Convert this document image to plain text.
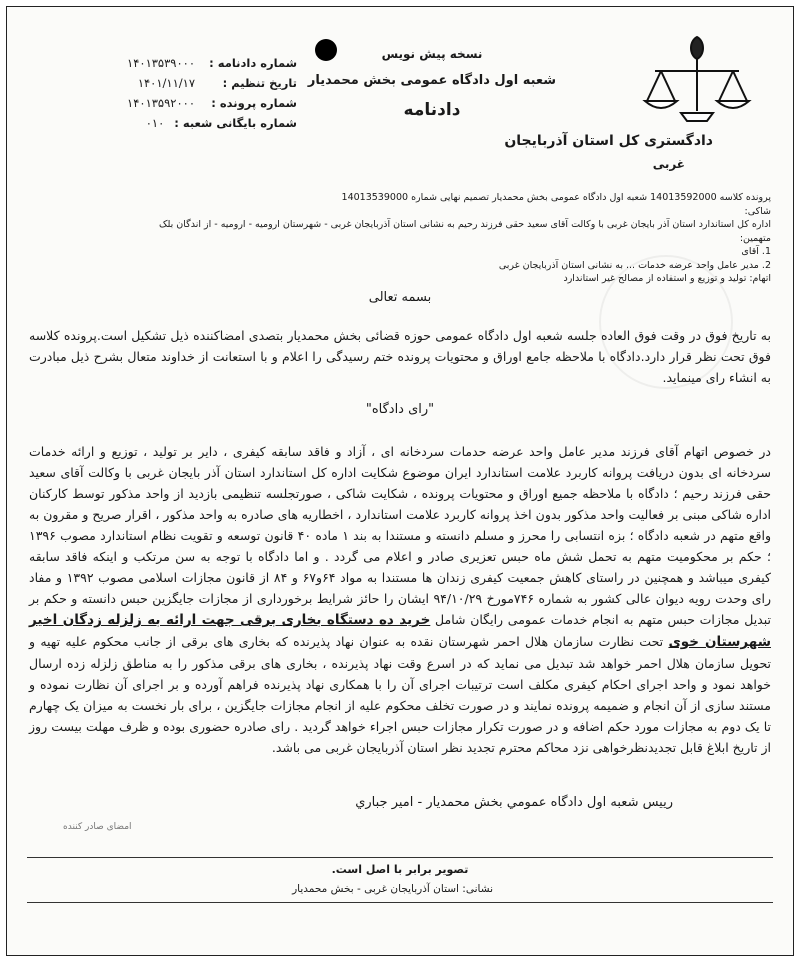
دادگستری کل استان آذربایجان
غربی
نسخه پیش نویس
شعبه اول دادگاه عمومی بخش محمدیار
دادنامه
شماره دادنامه :
۱۴۰۱۳۵۳۹۰۰۰
تاریخ تنظیم :
۱۴۰۱/۱۱/۱۷
شماره پرونده :
۱۴۰۱۳۵۹۲۰۰۰
شماره بایگانی شعبه :
۰۱۰
پرونده کلاسه 14013592000 شعبه اول دادگاه عمومی بخش محمدیار تصمیم نهایی شماره 14013539000
شاکی:
اداره کل استاندارد استان آذر بایجان غربی با وکالت آقای سعید حقی فرزند رحیم به نشانی استان آذربایجان غربی - شهرستان ارومیه - ارومیه - از اندگان بلک
متهمین:
1. آقای
2. مدیر عامل واحد عرضه خدمات ... به نشانی استان آذربایجان غربی
اتهام: تولید و توزیع و استفاده از مصالح غیر استاندارد
بسمه تعالی
به تاریخ فوق در وقت فوق العاده جلسه شعبه اول دادگاه عمومی حوزه قضائی بخش محمدیار بتصدی امضاکننده ذیل تشکیل است.پرونده کلاسه فوق تحت نظر قرار دارد.دادگاه با ملاحظه جامع اوراق و محتویات پرونده ختم رسیدگی را اعلام و با استعانت از خداوند متعال بشرح ذیل مبادرت به انشاء رای مینماید.
"رای دادگاه"
در خصوص اتهام آقای فرزند مدیر عامل واحد عرضه حدمات سردخانه ای ، آزاد و فاقد سابقه کیفری ، دایر بر تولید ، توزیع و ارائه خدمات سردخانه ای بدون دریافت پروانه کاربرد علامت استاندارد ایران موضوع شکایت اداره کل استاندارد استان آذر بایجان غربی با وکالت آقای سعید حقی فرزند رحیم ؛ دادگاه با ملاحظه جمیع اوراق و محتویات پرونده ، شکایت شاکی ، صورتجلسه تنظیمی بازدید از واحد مذکور توسط کارکنان اداره شاکی مبنی بر فعالیت واحد مذکور بدون اخذ پروانه کاربرد علامت استاندارد ، اخطاریه های صادره به واحد مذکور ، اقرار صریح و مقرون به واقع متهم در شعبه دادگاه ؛ بزه انتسابی را محرز و مسلم دانسته و مستندا به بند ۱ ماده ۴۰ قانون توسعه و تقویت نظام استاندارد مصوب ۱۳۹۶ ؛ حکم بر محکومیت متهم به تحمل شش ماه حبس تعزیری صادر و اعلام می گردد . و اما دادگاه با توجه به سن مرتکب و اینکه فاقد سابقه کیفری میباشد و همچنین در راستای کاهش جمعیت کیفری زندان ها مستندا به مواد ۶۴و۶۷ و ۸۴ از قانون مجازات اسلامی مصوب ۱۳۹۲ و مفاد رای وحدت رویه دیوان عالی کشور به شماره ۷۴۶مورخ ۹۴/۱۰/۲۹ ایشان را حائز شرایط برخورداری از مجازات جایگزین حبس دانسته و حکم بر تبدیل مجازات حبس متهم به انجام خدمات عمومی رایگان شامل خرید ده دستگاه بخاری برقی جهت ارائه به زلزله زدگان اخیر شهرستان خوی تحت نظارت سازمان هلال احمر شهرستان نقده به عنوان نهاد پذیرنده که بخاری های برقی از جانب محکوم علیه تهیه و تحویل سازمان هلال احمر خواهد شد تبدیل می نماید که در اسرع وقت نهاد پذیرنده ، بخاری های برقی مذکور را به مناطق زلزله زده ارسال خواهد نمود و واحد اجرای احکام کیفری مکلف است ترتیبات اجرای آن را با همکاری نهاد پذیرنده فراهم آورده و بر اجرای آن نظارت نموده و مستند سازی از آن انجام و ضمیمه پرونده نمایند و در صورت تخلف محکوم علیه از انجام مجازات جایگزین ، برای بار نخست به میزان یک چهارم تا یک دوم به مجازات مورد حکم اضافه و در صورت تکرار مجازات حبس اجراء خواهد گردید . رای صادره حضوری بوده و ظرف مهلت بیست روز از تاریخ ابلاغ قابل تجدیدنظرخواهی نزد محاکم محترم تجدید نظر استان آذربایجان غربی می باشد.
رییس شعبه اول دادگاه عمومي بخش محمديار - امير جباري
امضای صادر کننده
تصویر برابر با اصل است.
نشانی: استان آذربایجان غربی - بخش محمدیار
